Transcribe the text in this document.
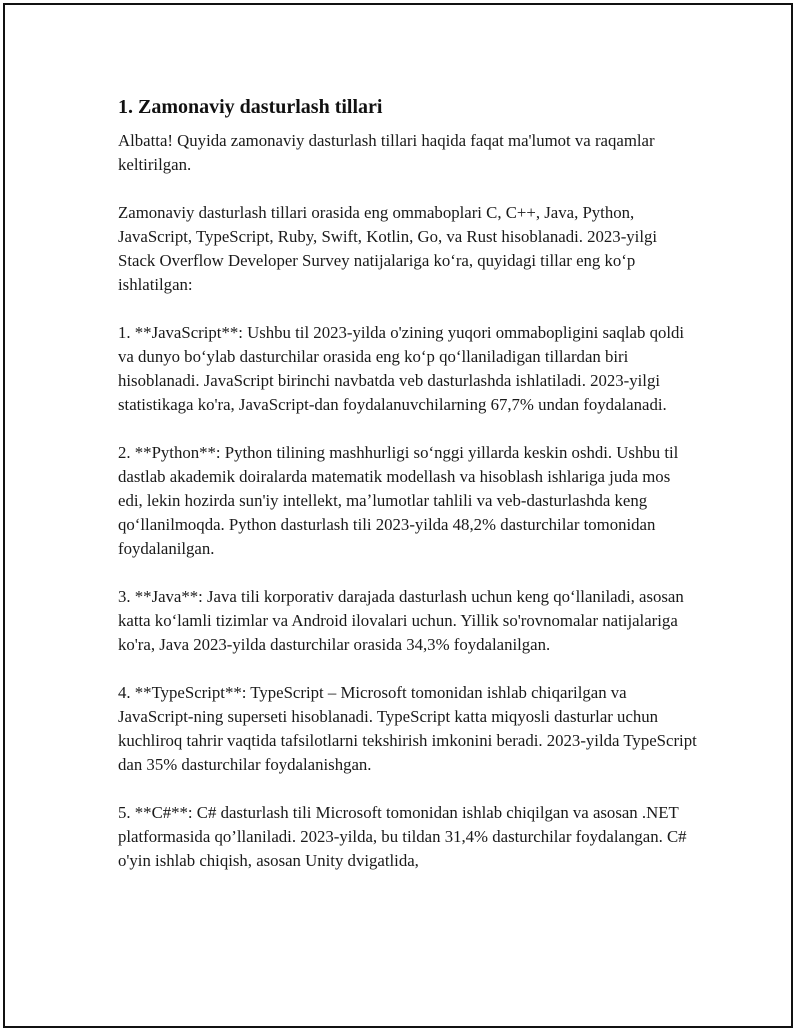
1. Zamonaviy dasturlash tillari

Albatta! Quyida zamonaviy dasturlash tillari haqida faqat ma'lumot va raqamlar keltirilgan.

Zamonaviy dasturlash tillari orasida eng ommaboplari C, C++, Java, Python, JavaScript, TypeScript, Ruby, Swift, Kotlin, Go, va Rust hisoblanadi. 2023-yilgi Stack Overflow Developer Survey natijalariga koʻra, quyidagi tillar eng koʻp ishlatilgan:

1. **JavaScript**: Ushbu til 2023-yilda o'zining yuqori ommabopligini saqlab qoldi va dunyo boʻylab dasturchilar orasida eng koʻp qoʻllaniladigan tillardan biri hisoblanadi. JavaScript birinchi navbatda veb dasturlashda ishlatiladi. 2023-yilgi statistikaga ko'ra, JavaScript-dan foydalanuvchilarning 67,7% undan foydalanadi.

2. **Python**: Python tilining mashhurligi soʻnggi yillarda keskin oshdi. Ushbu til dastlab akademik doiralarda matematik modellash va hisoblash ishlariga juda mos edi, lekin hozirda sun'iy intellekt, maʼlumotlar tahlili va veb-dasturlashda keng qoʻllanilmoqda. Python dasturlash tili 2023-yilda 48,2% dasturchilar tomonidan foydalanilgan.

3. **Java**: Java tili korporativ darajada dasturlash uchun keng qoʻllaniladi, asosan katta koʻlamli tizimlar va Android ilovalari uchun. Yillik so'rovnomalar natijalariga ko'ra, Java 2023-yilda dasturchilar orasida 34,3% foydalanilgan.

4. **TypeScript**: TypeScript – Microsoft tomonidan ishlab chiqarilgan va JavaScript-ning superseti hisoblanadi. TypeScript katta miqyosli dasturlar uchun kuchliroq tahrir vaqtida tafsilotlarni tekshirish imkonini beradi. 2023-yilda TypeScript dan 35% dasturchilar foydalanishgan.

5. **C#**: C# dasturlash tili Microsoft tomonidan ishlab chiqilgan va asosan .NET platformasida qo’llaniladi. 2023-yilda, bu tildan 31,4% dasturchilar foydalangan. C# o'yin ishlab chiqish, asosan Unity dvigatlida,
